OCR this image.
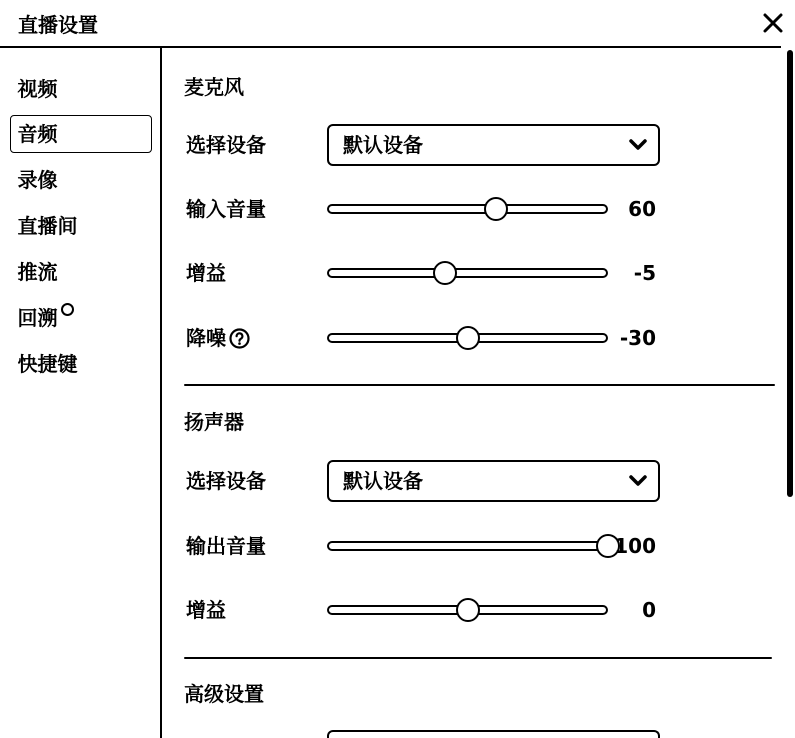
直播设置
视频
音频
录像
直播间
推流
回溯
快捷键
麦克风
选择设备	默认设备
输入音量	60
增益	-5
降噪	-30
扬声器
选择设备	默认设备
输出音量	100
增益	0
高级设置
